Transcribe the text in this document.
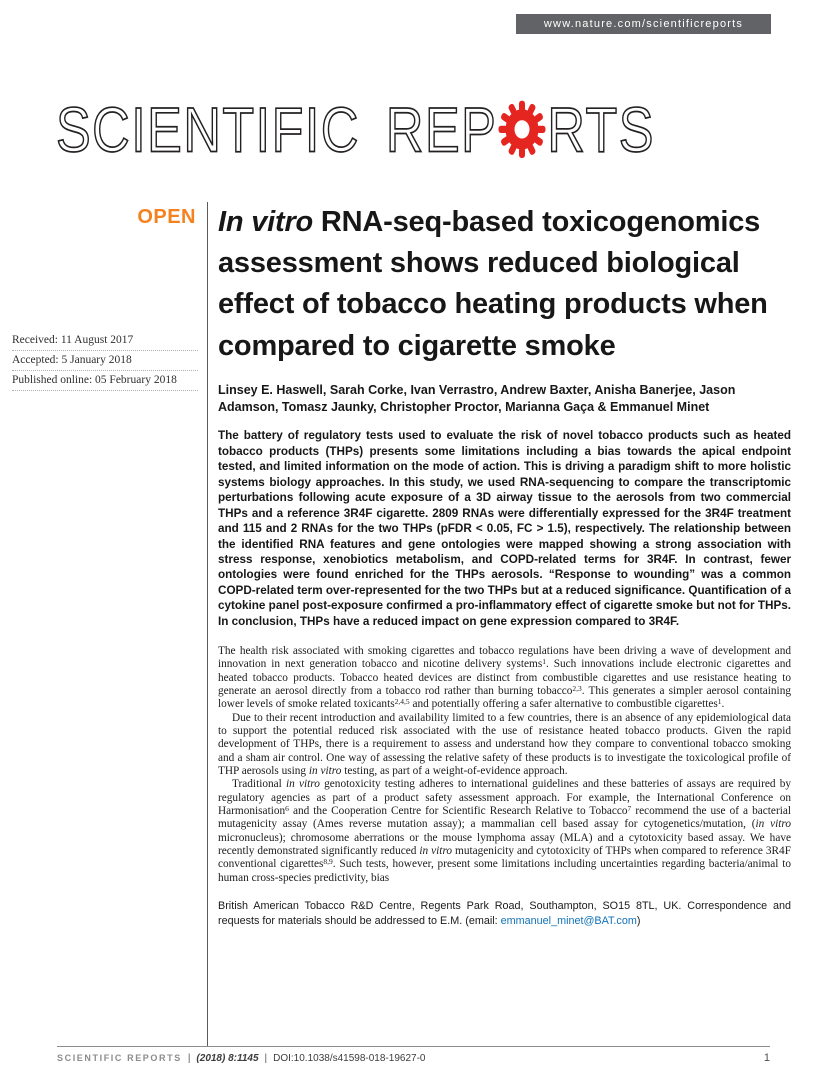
www.nature.com/scientificreports
SCIENTIFIC REP RTS
OPEN
Received: 11 August 2017
Accepted: 5 January 2018
Published online: 05 February 2018
In vitro RNA-seq-based toxicogenomics assessment shows reduced biological effect of tobacco heating products when compared to cigarette smoke
Linsey E. Haswell, Sarah Corke, Ivan Verrastro, Andrew Baxter, Anisha Banerjee, Jason Adamson, Tomasz Jaunky, Christopher Proctor, Marianna Gaça & Emmanuel Minet
The battery of regulatory tests used to evaluate the risk of novel tobacco products such as heated tobacco products (THPs) presents some limitations including a bias towards the apical endpoint tested, and limited information on the mode of action. This is driving a paradigm shift to more holistic systems biology approaches. In this study, we used RNA-sequencing to compare the transcriptomic perturbations following acute exposure of a 3D airway tissue to the aerosols from two commercial THPs and a reference 3R4F cigarette. 2809 RNAs were differentially expressed for the 3R4F treatment and 115 and 2 RNAs for the two THPs (pFDR < 0.05, FC > 1.5), respectively. The relationship between the identified RNA features and gene ontologies were mapped showing a strong association with stress response, xenobiotics metabolism, and COPD-related terms for 3R4F. In contrast, fewer ontologies were found enriched for the THPs aerosols. “Response to wounding” was a common COPD-related term over-represented for the two THPs but at a reduced significance. Quantification of a cytokine panel post-exposure confirmed a pro-inflammatory effect of cigarette smoke but not for THPs. In conclusion, THPs have a reduced impact on gene expression compared to 3R4F.

The health risk associated with smoking cigarettes and tobacco regulations have been driving a wave of development and innovation in next generation tobacco and nicotine delivery systems$^1$. Such innovations include electronic cigarettes and heated tobacco products. Tobacco heated devices are distinct from combustible cigarettes and use resistance heating to generate an aerosol directly from a tobacco rod rather than burning tobacco$^{2,3}$. This generates a simpler aerosol containing lower levels of smoke related toxicants$^{2,4,5}$ and potentially offering a safer alternative to combustible cigarettes$^1$.

Due to their recent introduction and availability limited to a few countries, there is an absence of any epidemiological data to support the potential reduced risk associated with the use of resistance heated tobacco products. Given the rapid development of THPs, there is a requirement to assess and understand how they compare to conventional tobacco smoking and a sham air control. One way of assessing the relative safety of these products is to investigate the toxicological profile of THP aerosols using in vitro testing, as part of a weight-of-evidence approach.

Traditional in vitro genotoxicity testing adheres to international guidelines and these batteries of assays are required by regulatory agencies as part of a product safety assessment approach. For example, the International Conference on Harmonisation$^6$ and the Cooperation Centre for Scientific Research Relative to Tobacco$^7$ recommend the use of a bacterial mutagenicity assay (Ames reverse mutation assay); a mammalian cell based assay for cytogenetics/mutation, (in vitro micronucleus); chromosome aberrations or the mouse lymphoma assay (MLA) and a cytotoxicity based assay. We have recently demonstrated significantly reduced in vitro mutagenicity and cytotoxicity of THPs when compared to reference 3R4F conventional cigarettes$^{8,9}$. Such tests, however, present some limitations including uncertainties regarding bacteria/animal to human cross-species predictivity, bias

British American Tobacco R&D Centre, Regents Park Road, Southampton, SO15 8TL, UK. Correspondence and requests for materials should be addressed to E.M. (email: emmanuel_minet@BAT.com)
SCIENTIFIC REPORTS | (2018) 8:1145 | DOI:10.1038/s41598-018-19627-0	1
